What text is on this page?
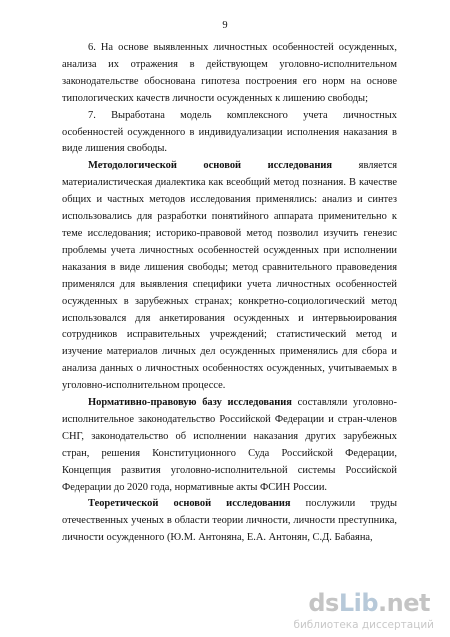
9

6. На основе выявленных личностных особенностей осужденных, анализа их отражения в действующем уголовно-исполнительном законодательстве обоснована гипотеза построения его норм на основе типологических качеств личности осужденных к лишению свободы;

7. Выработана модель комплексного учета личностных особенностей осужденного в индивидуализации исполнения наказания в виде лишения свободы.

Методологической основой исследования является материалистическая диалектика как всеобщий метод познания. В качестве общих и частных методов исследования применялись: анализ и синтез использовались для разработки понятийного аппарата применительно к теме исследования; историко-правовой метод позволил изучить генезис проблемы учета личностных особенностей осужденных при исполнении наказания в виде лишения свободы; метод сравнительного правоведения применялся для выявления специфики учета личностных особенностей осужденных в зарубежных странах; конкретно-социологический метод использовался для анкетирования осужденных и интервьюирования сотрудников исправительных учреждений; статистический метод и изучение материалов личных дел осужденных применялись для сбора и анализа данных о личностных особенностях осужденных, учитываемых в уголовно-исполнительном процессе.

Нормативно-правовую базу исследования составляли уголовно-исполнительное законодательство Российской Федерации и стран-членов СНГ, законодательство об исполнении наказания других зарубежных стран, решения Конституционного Суда Российской Федерации, Концепция развития уголовно-исполнительной системы Российской Федерации до 2020 года, нормативные акты ФСИН России.

Теоретической основой исследования послужили труды отечественных ученых в области теории личности, личности преступника, личности осужденного (Ю.М. Антоняна, Е.А. Антонян, С.Д. Бабаяна,

dsLib.net
библиотека диссертаций
